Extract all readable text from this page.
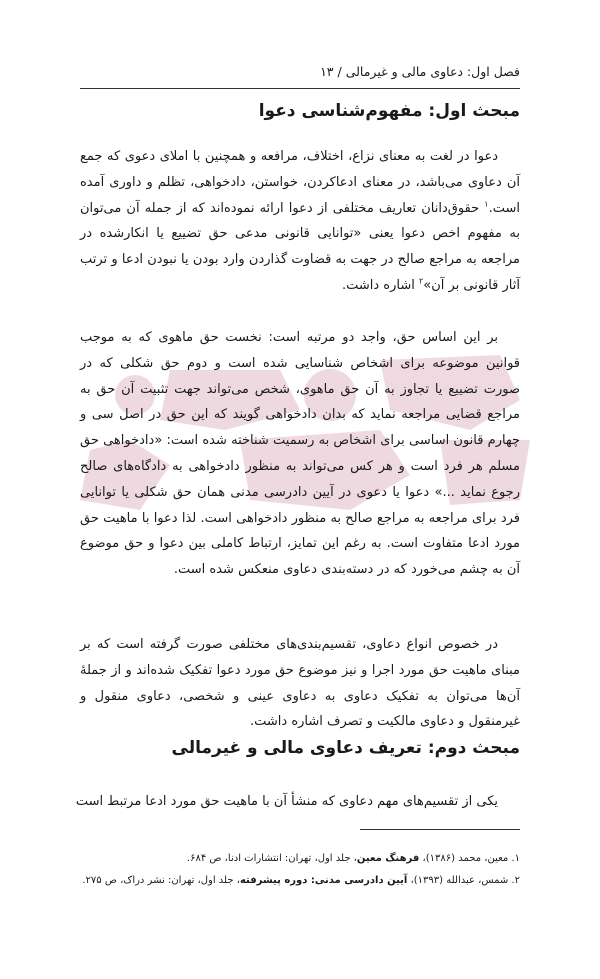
فصل اول: دعاوی مالی و غیرمالی / ۱۳
مبحث اول: مفهوم‌شناسی دعوا

دعوا در لغت به معنای نزاع، اختلاف، مرافعه و همچنین با املای دعوی که جمع آن دعاوی می‌باشد، در معنای ادعاکردن، خواستن، دادخواهی، تظلم و داوری آمده است.$^۱$ حقوق‌دانان تعاریف مختلفی از دعوا ارائه نموده‌اند که از جمله آن می‌توان به مفهوم اخص دعوا یعنی «توانایی قانونی مدعی حق تضییع یا انکارشده در مراجعه به مراجع صالح در جهت به قضاوت گذاردن وارد بودن یا نبودن ادعا و ترتب آثار قانونی بر آن»$^۲$ اشاره داشت.

بر این اساس حق، واجد دو مرتبه است: نخست حق ماهوی که به موجب قوانین موضوعه برای اشخاص شناسایی شده است و دوم حق شکلی که در صورت تضییع یا تجاوز به آن حق ماهوی، شخص می‌تواند جهت تثبیت آن حق به مراجع قضایی مراجعه نماید که بدان دادخواهی گویند که این حق در اصل سی و چهارم قانون اساسی برای اشخاص به رسمیت شناخته شده است: «دادخواهی حق مسلم هر فرد است و هر کس می‌تواند به منظور دادخواهی به دادگاه‌های صالح رجوع نماید ...» دعوا یا دعوی در آیین دادرسی مدنی همان حق شکلی یا توانایی فرد برای مراجعه به مراجع صالح به منظور دادخواهی است. لذا دعوا با ماهیت حق مورد ادعا متفاوت است. به رغم این تمایز، ارتباط کاملی بین دعوا و حق موضوع آن به چشم می‌خورد که در دسته‌بندی دعاوی منعکس شده است.

در خصوص انواع دعاوی، تقسیم‌بندی‌های مختلفی صورت گرفته است که بر مبنای ماهیت حق مورد اجرا و نیز موضوع حق مورد دعوا تفکیک شده‌اند و از جملهٔ آن‌ها می‌توان به تفکیک دعاوی به دعاوی عینی و شخصی، دعاوی منقول و غیرمنقول و دعاوی مالکیت و تصرف اشاره داشت.

مبحث دوم: تعریف دعاوی مالی و غیرمالی

یکی از تقسیم‌های مهم دعاوی که منشأ آن با ماهیت حق مورد ادعا مرتبط است

۱. معین، محمد (۱۳۸۶)، فرهنگ معین، جلد اول، تهران: انتشارات ادنا، ص ۶۸۴.
۲. شمس، عبدالله (۱۳۹۳)، آیین دادرسی مدنی: دوره پیشرفته، جلد اول، تهران: نشر دراک، ص ۲۷۵.
